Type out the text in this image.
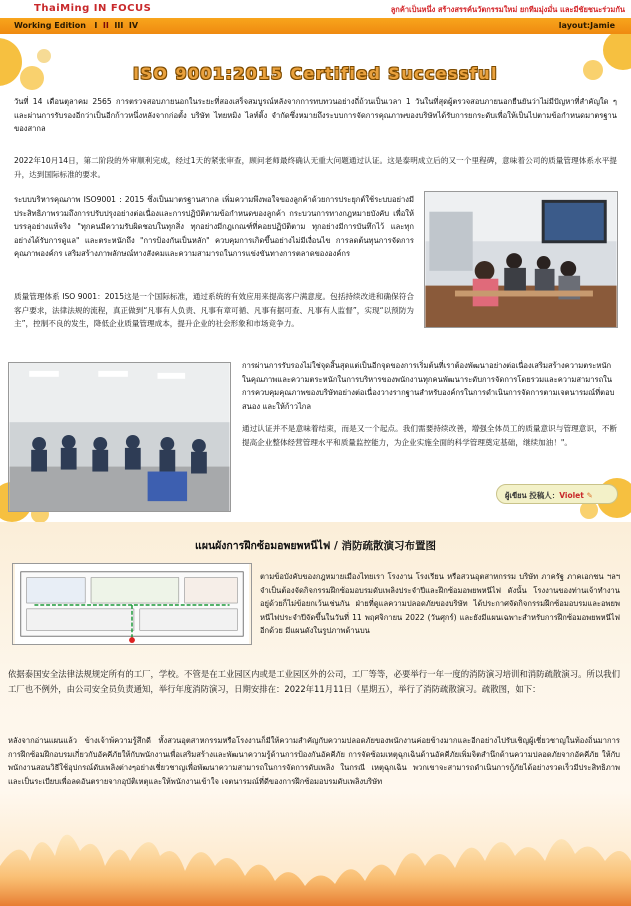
ThaiMing IN FOCUS	ลูกค้าเป็นหนึ่ง สร้างสรรค์นวัตกรรมใหม่ ยกทีมมุ่งมั่น และมีชัยชนะร่วมกัน
Working Edition I II III IV	layout:Jamie
ISO 9001:2015 Certified Successful
วันที่ 14 เดือนตุลาคม 2565 การตรวจสอบภายนอกในระยะที่สองเสร็จสมบูรณ์หลังจากการทบทวนอย่างถี่ถ้วนเป็นเวลา 1 วันในที่สุดผู้ตรวจสอบภายนอกยืนยันว่าไม่มีปัญหาที่สำคัญใด ๆ และผ่านการรับรองอีกว่าเป็นอีกก้าวหนึ่งหลังจากก่อตั้ง บริษัท ไทยหมิง ไลท์ติ้ง จำกัดซึ่งหมายถึงระบบการจัดการคุณภาพของบริษัทได้รับการยกระดับเพื่อให้เป็นไปตามข้อกำหนดมาตรฐานของสากล
2022年10月14日，第二阶段的外审顺利完成，经过1天的紧张审查，顾问老师最终确认无重大问题通过认证。这是泰明成立后的又一个里程碑，意味着公司的质量管理体系水平提升，达到国际标准的要求。
ระบบบริหารคุณภาพ ISO9001 : 2015 ซึ่งเป็นมาตรฐานสากล เพิ่มความพึงพอใจของลูกค้าด้วยการประยุกต์ใช้ระบบอย่างมีประสิทธิภาพรวมถึงการปรับปรุงอย่างต่อเนื่องและการปฏิบัติตามข้อกำหนดของลูกค้า กระบวนการทางกฎหมายบังคับ เพื่อให้บรรลุอย่างแท้จริง "ทุกคนมีความรับผิดชอบในทุกสิ่ง ทุกอย่างมีกฎเกณฑ์ที่คอยปฏิบัติตาม ทุกอย่างมีการบันทึกไว้ และทุกอย่างได้รับการดูแล" และตระหนักถึง "การป้องกันเป็นหลัก" ควบคุมการเกิดขึ้นอย่างไม่มีเงื่อนไข การลดต้นทุนการจัดการคุณภาพองค์กร เสริมสร้างภาพลักษณ์ทางสังคมและความสามารถในการแข่งขันทางการตลาดขององค์กร
质量管理体系 ISO 9001：2015这是一个国际标准，通过系统的有效应用来提高客户满意度。包括持续改进和确保符合客户要求，法律法规的流程，真正做到“凡事有人负责、凡事有章可循、凡事有据可查、凡事有人监督”，实现“以预防为主”，控制不良的发生，降低企业质量管理成本，提升企业的社会形象和市场竞争力。
การผ่านการรับรองไม่ใช่จุดสิ้นสุดแต่เป็นอีกจุดของการเริ่มต้นที่เราต้องพัฒนาอย่างต่อเนื่องเสริมสร้างความตระหนักในคุณภาพและความตระหนักในการบริหารของพนักงานทุกคนพัฒนาระดับการจัดการโดยรวมและความสามารถในการควบคุมคุณภาพของบริษัทอย่างต่อเนื่องวางรากฐานสำหรับองค์กรในการดำเนินการจัดการตามเจตนารมณ์ที่ตอบสนอง และให้ก้าวไกล
通过认证并不是意味着结束，而是又一个起点。我们需要持续改善，增强全体员工的质量意识与管理意识，不断提高企业整体经营管理水平和质量监控能力，为企业实施全面的科学管理奠定基础，继续加油！"。
ผู้เขียน 投稿人：Violet ✎
แผนผังการฝึกซ้อมอพยพหนีไฟ / 消防疏散演习布置图
ตามข้อบังคับของกฎหมายเมืองไทยเรา โรงงาน โรงเรียน หรือสวนอุตสาหกรรม บริษัท ภาครัฐ ภาคเอกชน ฯลฯ จำเป็นต้องจัดกิจกรรมฝึกซ้อมอบรมดับเพลิงประจำปีและฝึกซ้อมอพยพหนีไฟ ดังนั้น โรงงานของท่านเจ้าทำงานอยู่ด้วยก็ไม่ข้อยกเว้นเช่นกัน ฝ่ายที่ดูแลความปลอดภัยของบริษัท ได้ประกาศจัดกิจกรรมฝึกซ้อมอบรมและอพยพหนีไฟประจำปีจัดขึ้นในวันที่ 11 พฤศจิกายน 2022 (วันศุกร์) และยังมีแผนเฉพาะสำหรับการฝึกซ้อมอพยพหนีไฟอีกด้วย มีแผนดังในรูปภาพด้านบน
依据泰国安全法律法规规定所有的工厂，学校。不管是在工业园区内或是工业园区外的公司，工厂等等，必要举行一年一度的消防演习培训和消防疏散演习。所以我们工厂也不例外，由公司安全员负责通知，举行年度消防演习，日期安排在：2022年11月11日（星期五），举行了消防疏散演习。疏散图，如下：
หลังจากอ่านแผนแล้ว ข้างเจ้าพ้ความรู้สึกดี ทั้งสวนอุตสาหกรรมหรือโรงงานก็มีให้ความสำคัญกับความปลอดภัยของพนักงานค่อยข้างมากและอีกอย่างไปรับเชิญผู้เชี่ยวชาญในท้องถิ่นมาการการฝึกซ้อมฝึกอบรมเกี่ยวกับอัคคีภัยให้กับพนักงานเพื่อเสริมสร้างและพัฒนาความรู้ด้านการป้องกันอัคคีภัย การจัดซ้อมเหตุฉุกเฉินด้านอัคคีภัยเพิ่มจิตสำนึกด้านความปลอดภัยจากอัคคีภัย ให้กับพนักงานสอนวิธีใช้อุปกรณ์ดับเพลิงต่างๆอย่างเชี่ยวชาญเพื่อพัฒนาความสามารถในการจัดการดับเพลิง ในกรณี เหตุฉุกเฉิน พวกเขาจะสามารถดำเนินการกู้ภัยได้อย่างรวดเร็วมีประสิทธิภาพและเป็นระเบียบเพื่อลดอันตรายจากอุบัติเหตุและให้พนักงานเข้าใจ เจตนารมณ์ที่ดีของการฝึกซ้อมอบรมดับเพลิงบริษัท
